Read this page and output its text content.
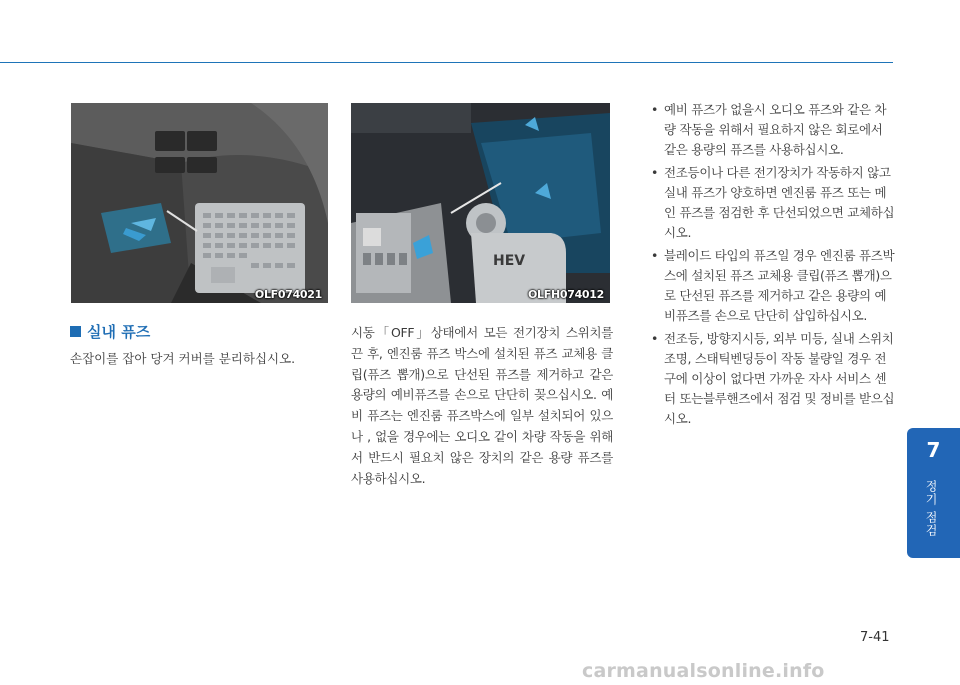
OLF074021
HEV
OLFH074012
실내 퓨즈

손잡이를 잡아 당겨 커버를 분리하십시오.

시동「OFF」상태에서 모든 전기장치 스위치를 끈 후, 엔진룸 퓨즈 박스에 설치된 퓨즈 교체용 클립(퓨즈 뽑개)으로 단선된 퓨즈를 제거하고 같은 용량의 예비퓨즈를 손으로 단단히 꽂으십시오. 예비 퓨즈는 엔진룸 퓨즈박스에 일부 설치되어 있으나 , 없을 경우에는 오디오 같이 차량 작동을 위해서 반드시 필요치 않은 장치의 같은 용량 퓨즈를 사용하십시오.

• 예비 퓨즈가 없을시 오디오 퓨즈와 같은 차량 작동을 위해서 필요하지 않은 회로에서 같은 용량의 퓨즈를 사용하십시오.
• 전조등이나 다른 전기장치가 작동하지 않고 실내 퓨즈가 양호하면 엔진룸 퓨즈 또는 메인 퓨즈를 점검한 후 단선되었으면 교체하십시오.
• 블레이드 타입의 퓨즈일 경우 엔진룸 퓨즈박스에 설치된 퓨즈 교체용 클립(퓨즈 뽑개)으로 단선된 퓨즈를 제거하고 같은 용량의 예비퓨즈를 손으로 단단히 삽입하십시오.
• 전조등, 방향지시등, 외부 미등, 실내 스위치 조명, 스태틱벤딩등이 작동 불량일 경우 전구에 이상이 없다면 가까운 자사 서비스 센터 또는블루핸즈에서 점검 및 정비를 받으십시오.
7
정기 점검
7-41
carmanualsonline.info
